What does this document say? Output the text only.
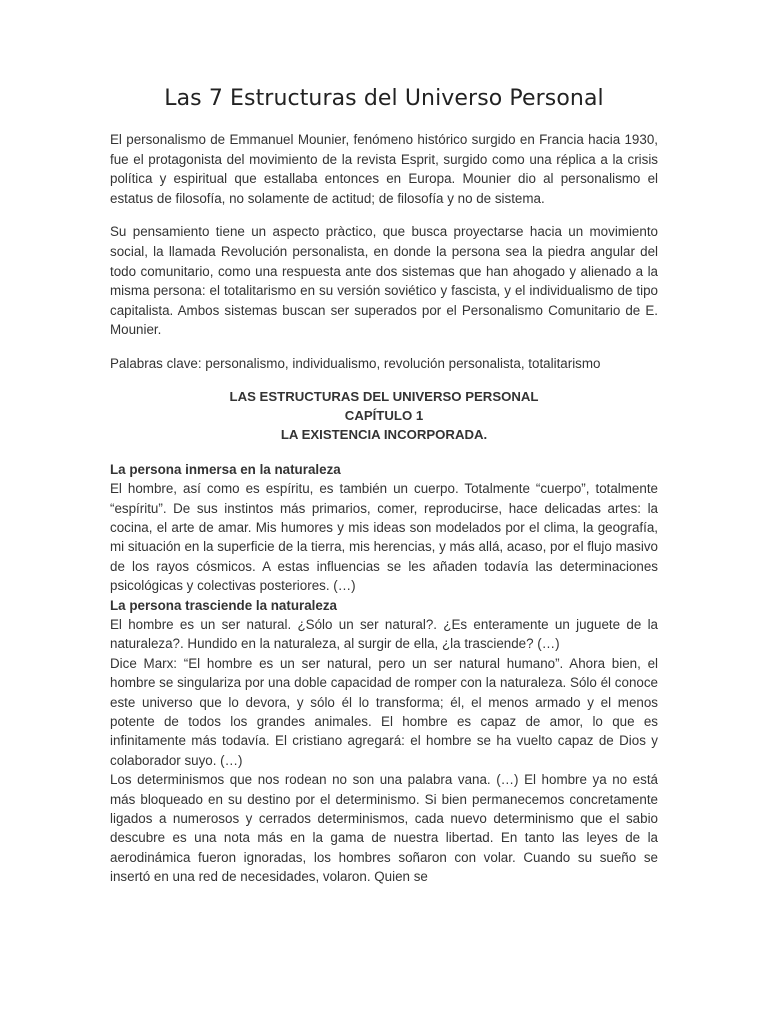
Las 7 Estructuras del Universo Personal

El personalismo de Emmanuel Mounier, fenómeno histórico surgido en Francia hacia 1930, fue el protagonista del movimiento de la revista Esprit, surgido como una réplica a la crisis política y espiritual que estallaba entonces en Europa. Mounier dio al personalismo el estatus de filosofía, no solamente de actitud; de filosofía y no de sistema.

Su pensamiento tiene un aspecto pràctico, que busca proyectarse hacia un movimiento social, la llamada Revolución personalista, en donde la persona sea la piedra angular del todo comunitario, como una respuesta ante dos sistemas que han ahogado y alienado a la misma persona: el totalitarismo en su versión soviético y fascista, y el individualismo de tipo capitalista. Ambos sistemas buscan ser superados por el Personalismo Comunitario de E. Mounier.

Palabras clave: personalismo, individualismo, revolución personalista, totalitarismo

LAS ESTRUCTURAS DEL UNIVERSO PERSONAL
CAPÍTULO 1
LA EXISTENCIA INCORPORADA.
La persona inmersa en la naturaleza

El hombre, así como es espíritu, es también un cuerpo. Totalmente “cuerpo”, totalmente “espíritu”. De sus instintos más primarios, comer, reproducirse, hace delicadas artes: la cocina, el arte de amar. Mis humores y mis ideas son modelados por el clima, la geografía, mi situación en la superficie de la tierra, mis herencias, y más allá, acaso, por el flujo masivo de los rayos cósmicos. A estas influencias se les añaden todavía las determinaciones psicológicas y colectivas posteriores. (…)

La persona trasciende la naturaleza

El hombre es un ser natural. ¿Sólo un ser natural?. ¿Es enteramente un juguete de la naturaleza?. Hundido en la naturaleza, al surgir de ella, ¿la trasciende? (…)

Dice Marx: “El hombre es un ser natural, pero un ser natural humano”. Ahora bien, el hombre se singulariza por una doble capacidad de romper con la naturaleza. Sólo él conoce este universo que lo devora, y sólo él lo transforma; él, el menos armado y el menos potente de todos los grandes animales. El hombre es capaz de amor, lo que es infinitamente más todavía. El cristiano agregará: el hombre se ha vuelto capaz de Dios y colaborador suyo. (…)

Los determinismos que nos rodean no son una palabra vana. (…) El hombre ya no está más bloqueado en su destino por el determinismo. Si bien permanecemos concretamente ligados a numerosos y cerrados determinismos, cada nuevo determinismo que el sabio descubre es una nota más en la gama de nuestra libertad. En tanto las leyes de la aerodinámica fueron ignoradas, los hombres soñaron con volar. Cuando su sueño se insertó en una red de necesidades, volaron. Quien se
